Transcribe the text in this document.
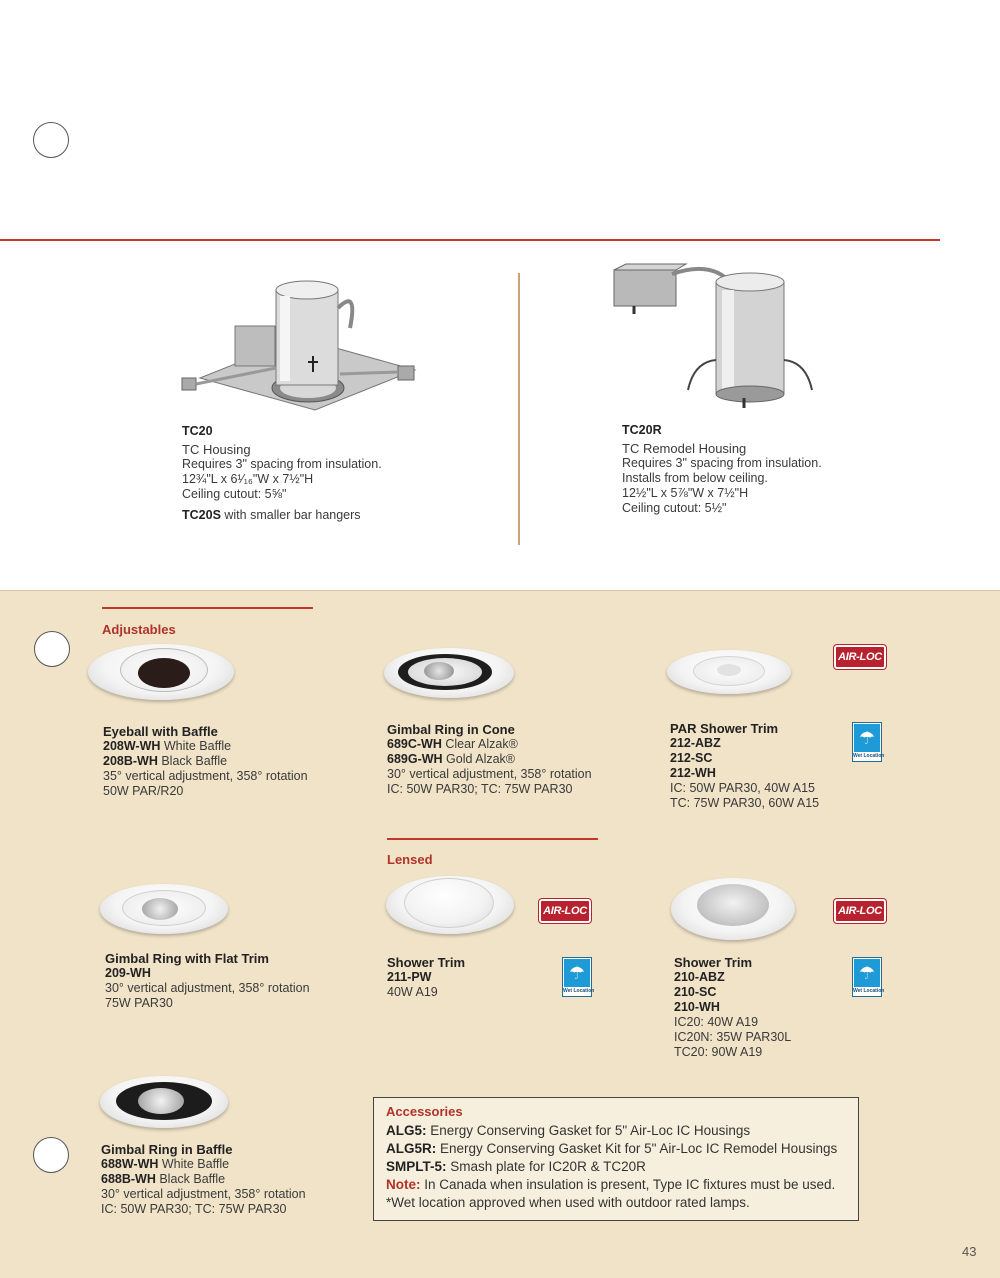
TC20
TC Housing
Requires 3" spacing from insulation.
12¾"L x 6¹⁄₁₆"W x 7½"H
Ceiling cutout: 5⅝"
TC20S with smaller bar hangers
TC20R
TC Remodel Housing
Requires 3" spacing from insulation.
Installs from below ceiling.
12½"L x 5⅞"W x 7½"H
Ceiling cutout: 5½"
Adjustables
Eyeball with Baffle
208W-WH White Baffle
208B-WH Black Baffle
35° vertical adjustment, 358° rotation
50W PAR/R20
Gimbal Ring in Cone
689C-WH Clear Alzak®
689G-WH Gold Alzak®
30° vertical adjustment, 358° rotation
IC: 50W PAR30; TC: 75W PAR30
AIR-LOC
☂
Wet Location
PAR Shower Trim
212-ABZ
212-SC
212-WH
IC: 50W PAR30, 40W A15
TC: 75W PAR30, 60W A15
Lensed
Gimbal Ring with Flat Trim
209-WH
30° vertical adjustment, 358° rotation
75W PAR30
AIR-LOC
☂
Wet Location
Shower Trim
211-PW
40W A19
AIR-LOC
☂
Wet Location
Shower Trim
210-ABZ
210-SC
210-WH
IC20: 40W A19
IC20N: 35W PAR30L
TC20: 90W A19
Gimbal Ring in Baffle
688W-WH White Baffle
688B-WH Black Baffle
30° vertical adjustment, 358° rotation
IC: 50W PAR30; TC: 75W PAR30
Accessories
ALG5: Energy Conserving Gasket for 5" Air-Loc IC Housings
ALG5R: Energy Conserving Gasket Kit for 5" Air-Loc IC Remodel Housings
SMPLT-5: Smash plate for IC20R & TC20R
Note: In Canada when insulation is present, Type IC fixtures must be used.
*Wet location approved when used with outdoor rated lamps.
43
